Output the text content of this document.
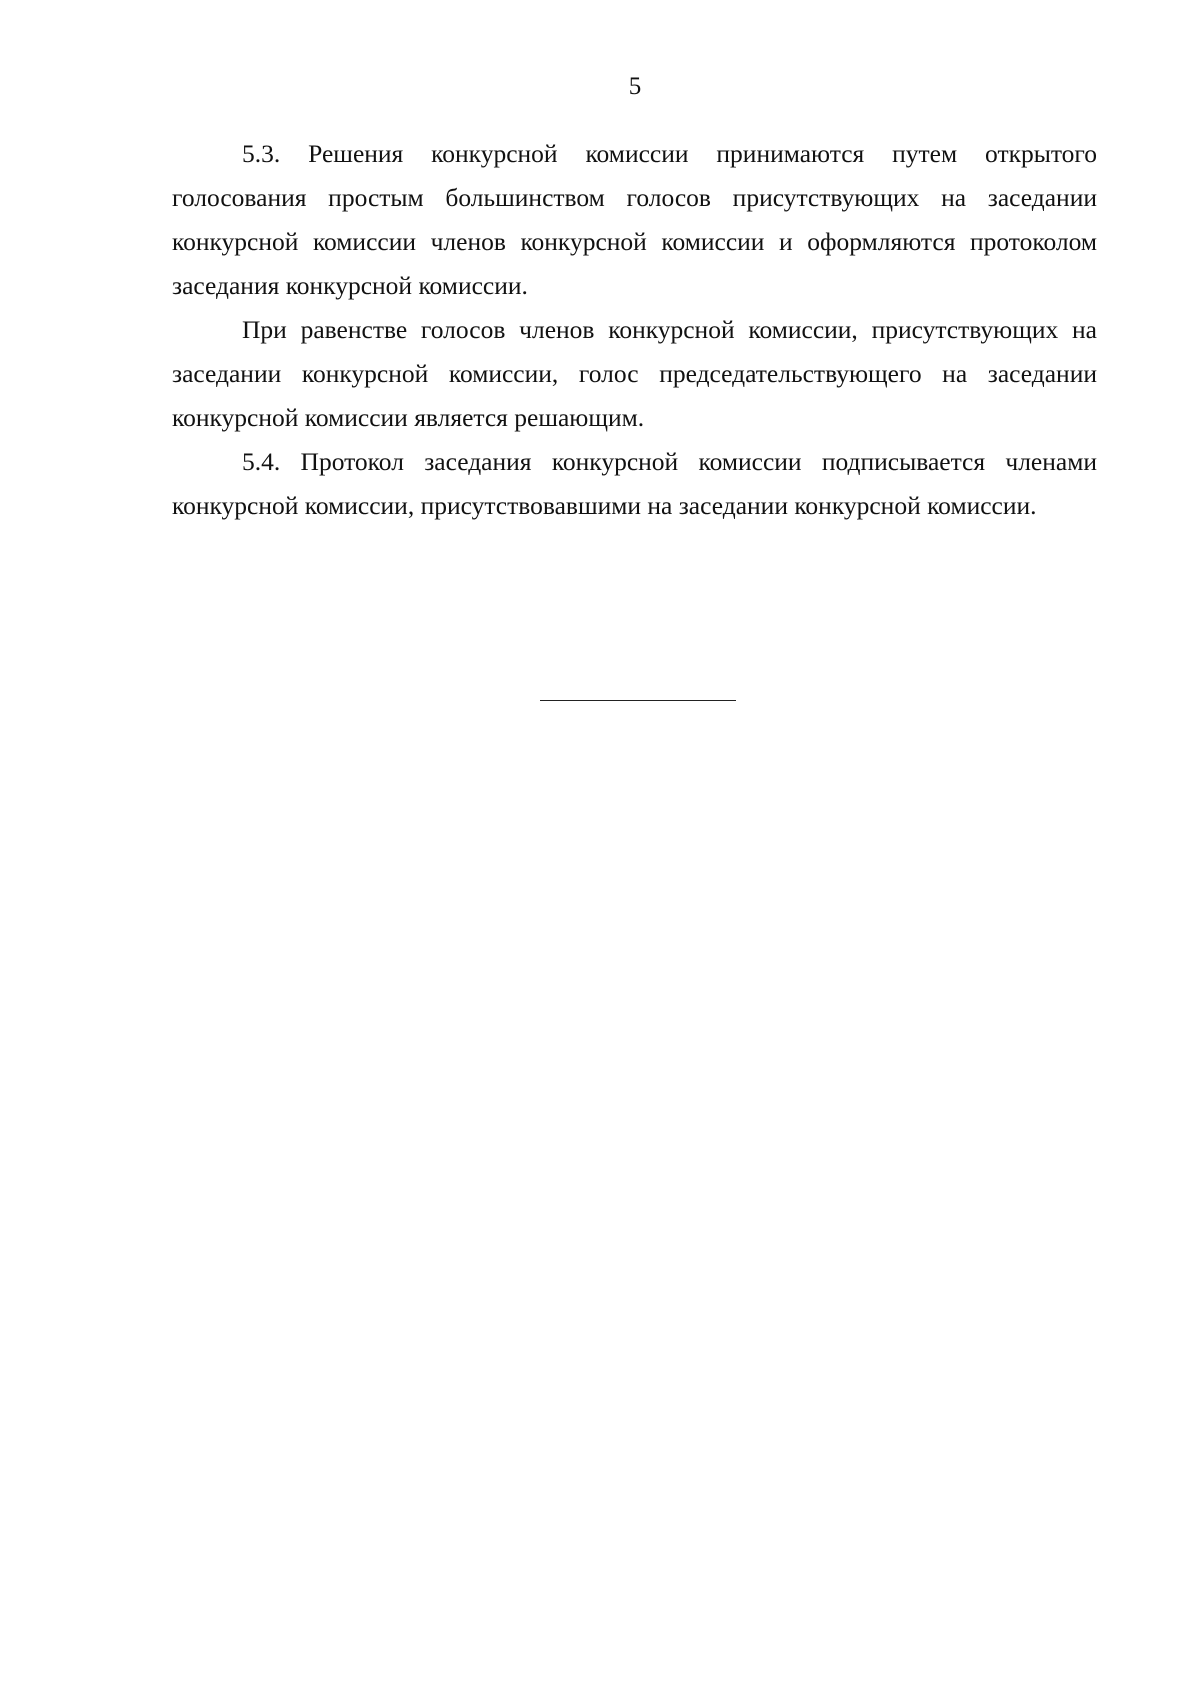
5

5.3. Решения конкурсной комиссии принимаются путем открытого голосования простым большинством голосов присутствующих на заседании конкурсной комиссии членов конкурсной комиссии и оформляются протоколом заседания конкурсной комиссии.

При равенстве голосов членов конкурсной комиссии, присутствующих на заседании конкурсной комиссии, голос председательствующего на заседании конкурсной комиссии является решающим.

5.4. Протокол заседания конкурсной комиссии подписывается членами конкурсной комиссии, присутствовавшими на заседании конкурсной комиссии.
